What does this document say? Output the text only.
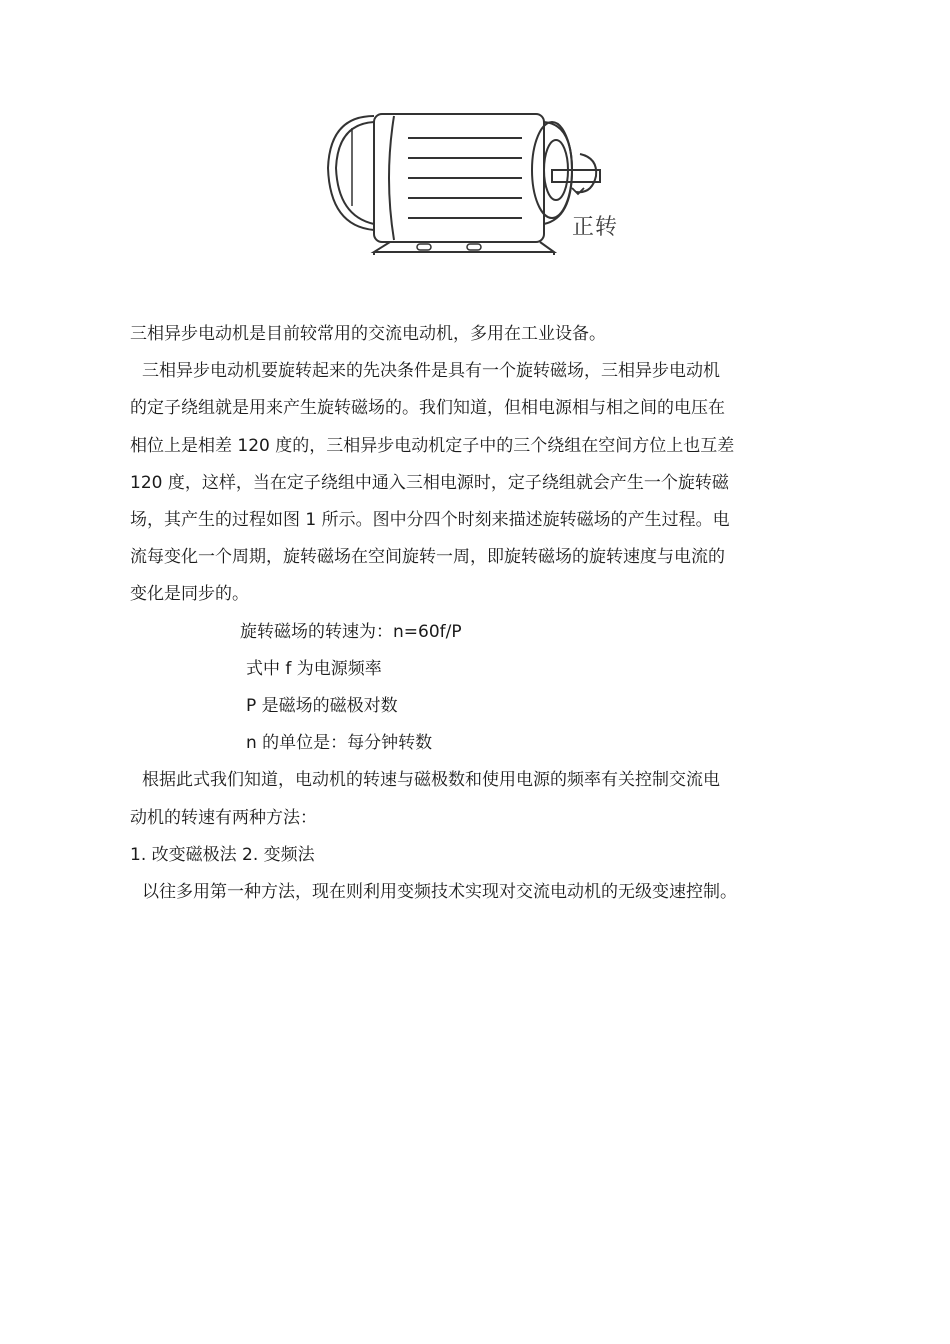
正转

三相异步电动机是目前较常用的交流电动机，多用在工业设备。

三相异步电动机要旋转起来的先决条件是具有一个旋转磁场，三相异步电动机

的定子绕组就是用来产生旋转磁场的。我们知道，但相电源相与相之间的电压在

相位上是相差 120 度的，三相异步电动机定子中的三个绕组在空间方位上也互差

120 度，这样，当在定子绕组中通入三相电源时，定子绕组就会产生一个旋转磁

场，其产生的过程如图 1 所示。图中分四个时刻来描述旋转磁场的产生过程。电

流每变化一个周期，旋转磁场在空间旋转一周，即旋转磁场的旋转速度与电流的

变化是同步的。

旋转磁场的转速为：n=60f/P

式中 f 为电源频率

P 是磁场的磁极对数

n 的单位是：每分钟转数

根据此式我们知道，电动机的转速与磁极数和使用电源的频率有关控制交流电

动机的转速有两种方法：

1. 改变磁极法 2. 变频法

以往多用第一种方法，现在则利用变频技术实现对交流电动机的无级变速控制。
